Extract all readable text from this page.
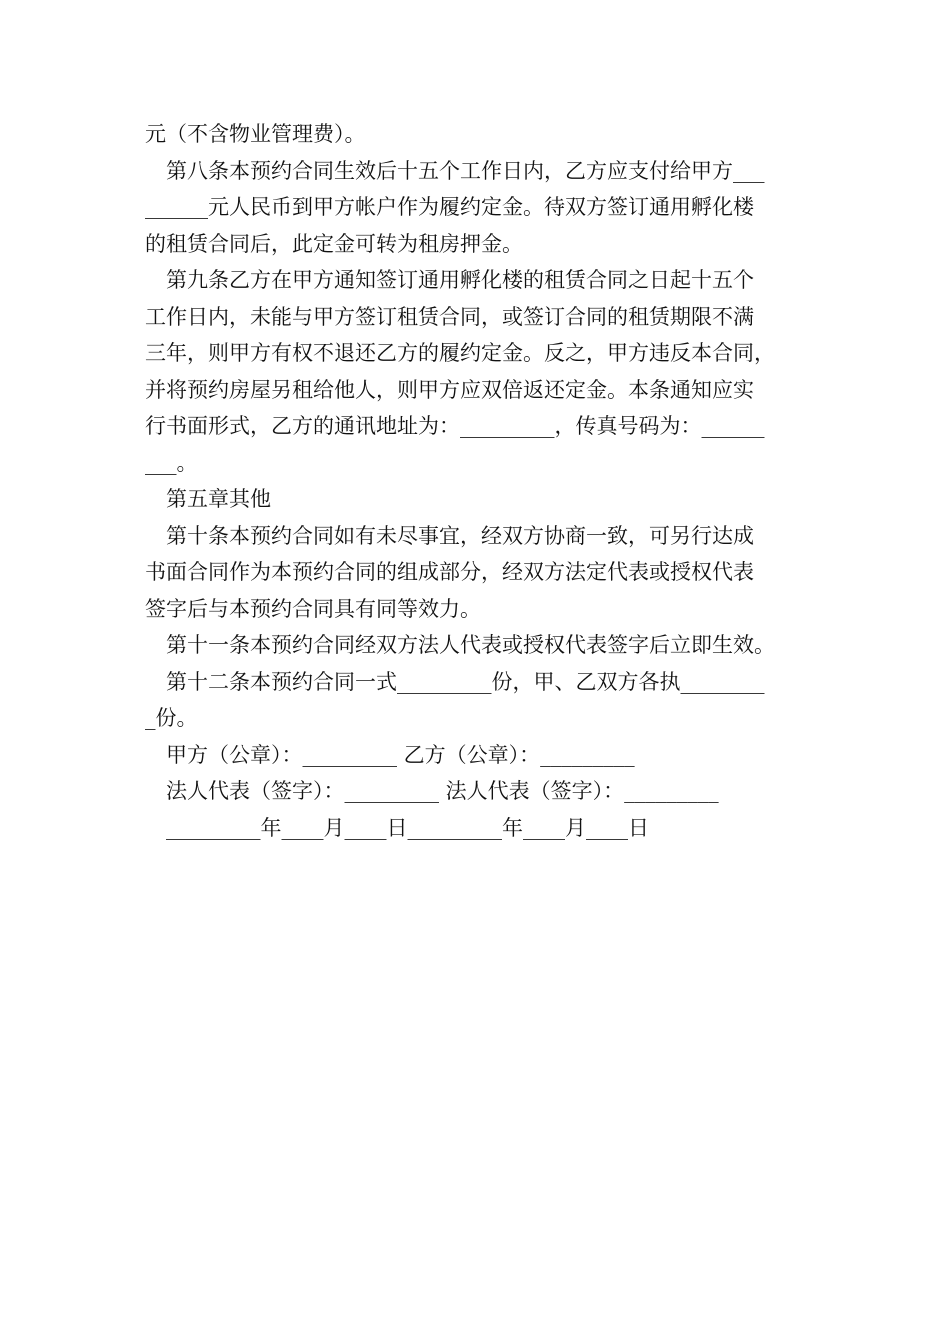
元（不含物业管理费）。
第八条本预约合同生效后十五个工作日内，乙方应支付给甲方___
______元人民币到甲方帐户作为履约定金。待双方签订通用孵化楼
的租赁合同后，此定金可转为租房押金。
第九条乙方在甲方通知签订通用孵化楼的租赁合同之日起十五个
工作日内，未能与甲方签订租赁合同，或签订合同的租赁期限不满
三年，则甲方有权不退还乙方的履约定金。反之，甲方违反本合同，
并将预约房屋另租给他人，则甲方应双倍返还定金。本条通知应实
行书面形式，乙方的通讯地址为：_________，传真号码为：______
___。
第五章其他
第十条本预约合同如有未尽事宜，经双方协商一致，可另行达成
书面合同作为本预约合同的组成部分，经双方法定代表或授权代表
签字后与本预约合同具有同等效力。
第十一条本预约合同经双方法人代表或授权代表签字后立即生效。
第十二条本预约合同一式_________份，甲、乙双方各执________
_份。
甲方（公章）：_________ 乙方（公章）：_________
法人代表（签字）：_________ 法人代表（签字）：_________
_________年____月____日_________年____月____日
